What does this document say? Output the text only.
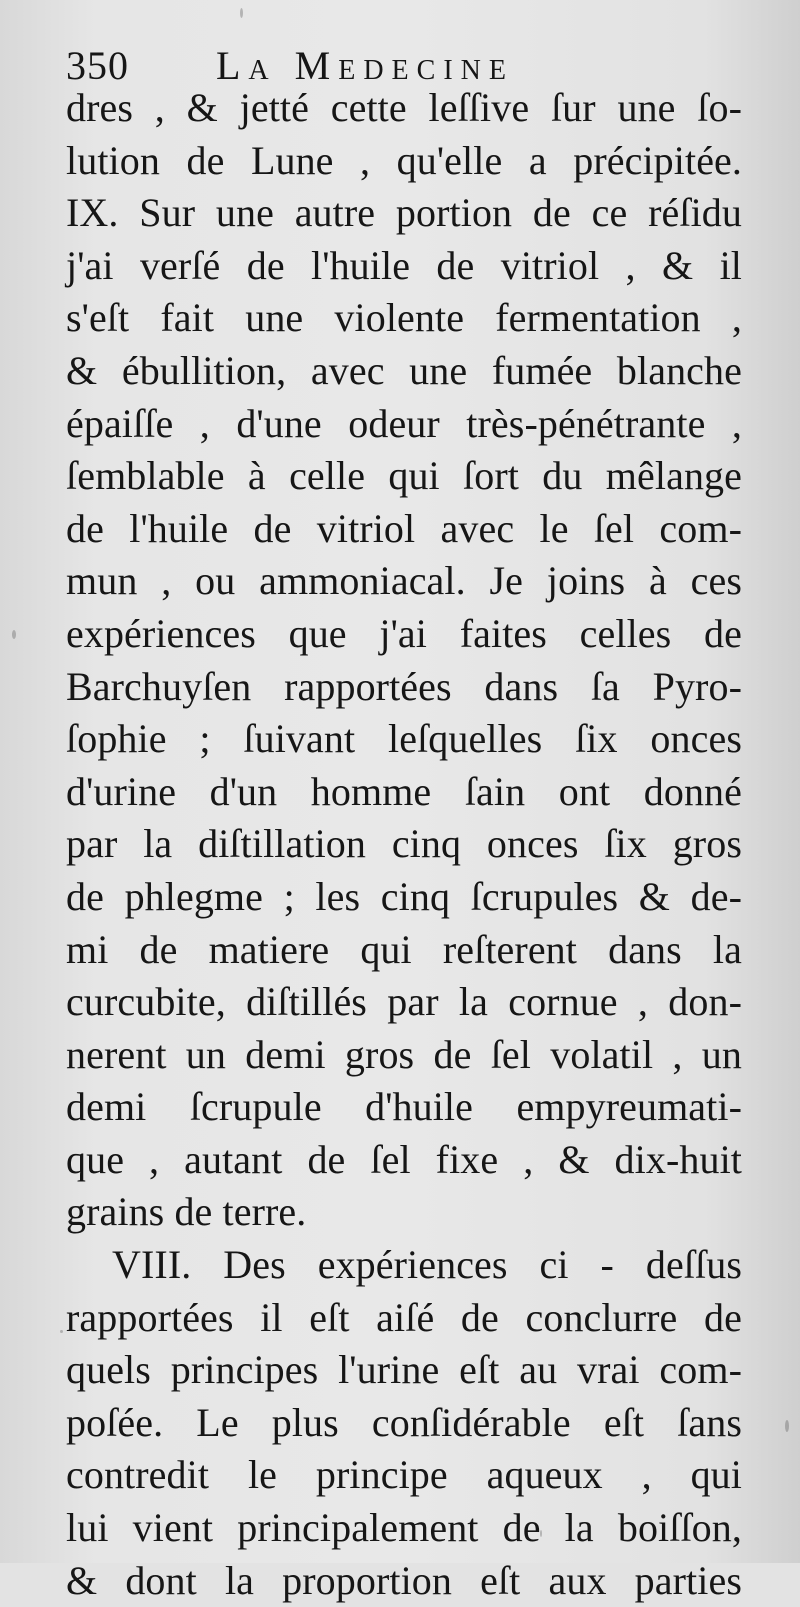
350 La Medecine
dres , & jetté cette leſſive ſur une ſo-
lution de Lune , qu'elle a précipitée.
IX. Sur une autre portion de ce réſidu
j'ai verſé de l'huile de vitriol , & il
s'eſt fait une violente fermentation ,
& ébullition, avec une fumée blanche
épaiſſe , d'une odeur très-pénétrante ,
ſemblable à celle qui ſort du mêlange
de l'huile de vitriol avec le ſel com-
mun , ou ammoniacal. Je joins à ces
expériences que j'ai faites celles de
Barchuyſen rapportées dans ſa Pyro-
ſophie ; ſuivant leſquelles ſix onces
d'urine d'un homme ſain ont donné
par la diſtillation cinq onces ſix gros
de phlegme ; les cinq ſcrupules & de-
mi de matiere qui reſterent dans la
curcubite, diſtillés par la cornue , don-
nerent un demi gros de ſel volatil , un
demi ſcrupule d'huile empyreumati-
que , autant de ſel fixe , & dix-huit
grains de terre.
VIII. Des expériences ci - deſſus
rapportées il eſt aiſé de conclurre de
quels principes l'urine eſt au vrai com-
poſée. Le plus conſidérable eſt ſans
contredit le principe aqueux , qui
lui vient principalement de la boiſſon,
& dont la proportion eſt aux parties
